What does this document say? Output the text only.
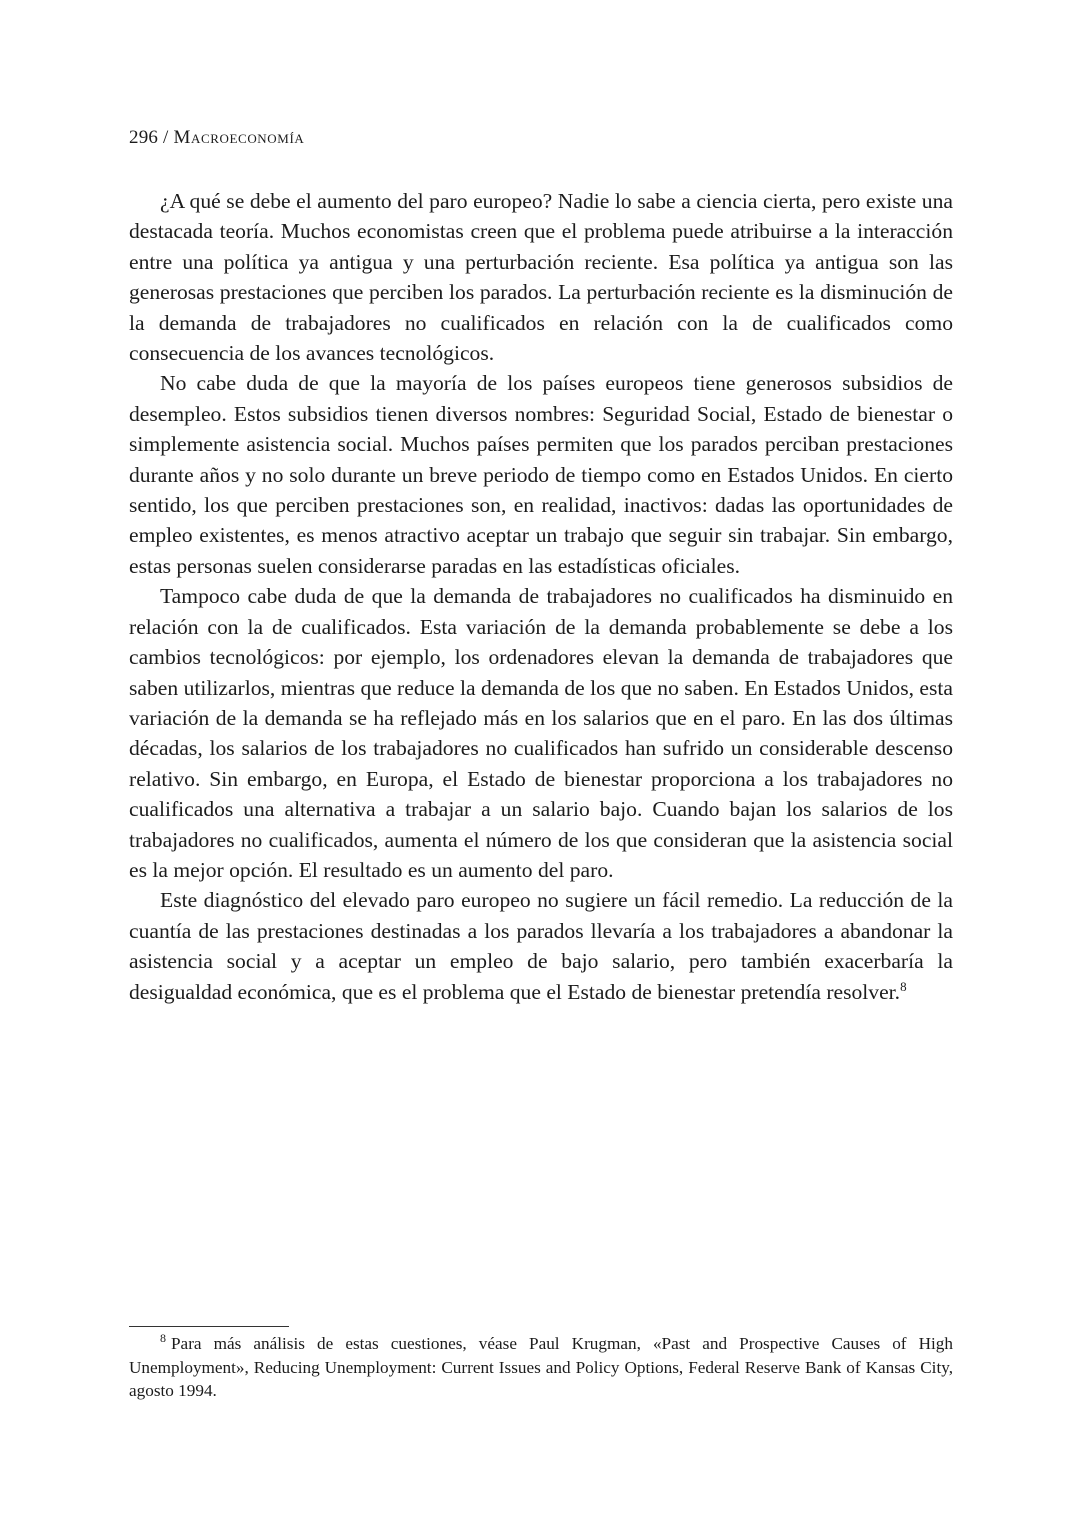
296 / Macroeconomía

¿A qué se debe el aumento del paro europeo? Nadie lo sabe a ciencia cierta, pero existe una destacada teoría. Muchos economistas creen que el problema puede atribuirse a la interacción entre una política ya antigua y una perturbación reciente. Esa política ya antigua son las generosas prestaciones que perciben los parados. La perturbación reciente es la disminución de la demanda de trabajadores no cualificados en relación con la de cualificados como consecuencia de los avances tecnológicos.

No cabe duda de que la mayoría de los países europeos tiene generosos subsidios de desempleo. Estos subsidios tienen diversos nombres: Seguridad Social, Estado de bienestar o simplemente asistencia social. Muchos países permiten que los parados perciban prestaciones durante años y no solo durante un breve periodo de tiempo como en Estados Unidos. En cierto sentido, los que perciben prestaciones son, en realidad, inactivos: dadas las oportunidades de empleo existentes, es menos atractivo aceptar un trabajo que seguir sin trabajar. Sin embargo, estas personas suelen considerarse paradas en las estadísticas oficiales.

Tampoco cabe duda de que la demanda de trabajadores no cualificados ha disminuido en relación con la de cualificados. Esta variación de la demanda probablemente se debe a los cambios tecnológicos: por ejemplo, los ordenadores elevan la demanda de trabajadores que saben utilizarlos, mientras que reduce la demanda de los que no saben. En Estados Unidos, esta variación de la demanda se ha reflejado más en los salarios que en el paro. En las dos últimas décadas, los salarios de los trabajadores no cualificados han sufrido un considerable descenso relativo. Sin embargo, en Europa, el Estado de bienestar proporciona a los trabajadores no cualificados una alternativa a trabajar a un salario bajo. Cuando bajan los salarios de los trabajadores no cualificados, aumenta el número de los que consideran que la asistencia social es la mejor opción. El resultado es un aumento del paro.

Este diagnóstico del elevado paro europeo no sugiere un fácil remedio. La reducción de la cuantía de las prestaciones destinadas a los parados llevaría a los trabajadores a abandonar la asistencia social y a aceptar un empleo de bajo salario, pero también exacerbaría la desigualdad económica, que es el problema que el Estado de bienestar pretendía resolver.$^8$

$^8$ Para más análisis de estas cuestiones, véase Paul Krugman, «Past and Prospective Causes of High Unemployment», Reducing Unemployment: Current Issues and Policy Options, Federal Reserve Bank of Kansas City, agosto 1994.
